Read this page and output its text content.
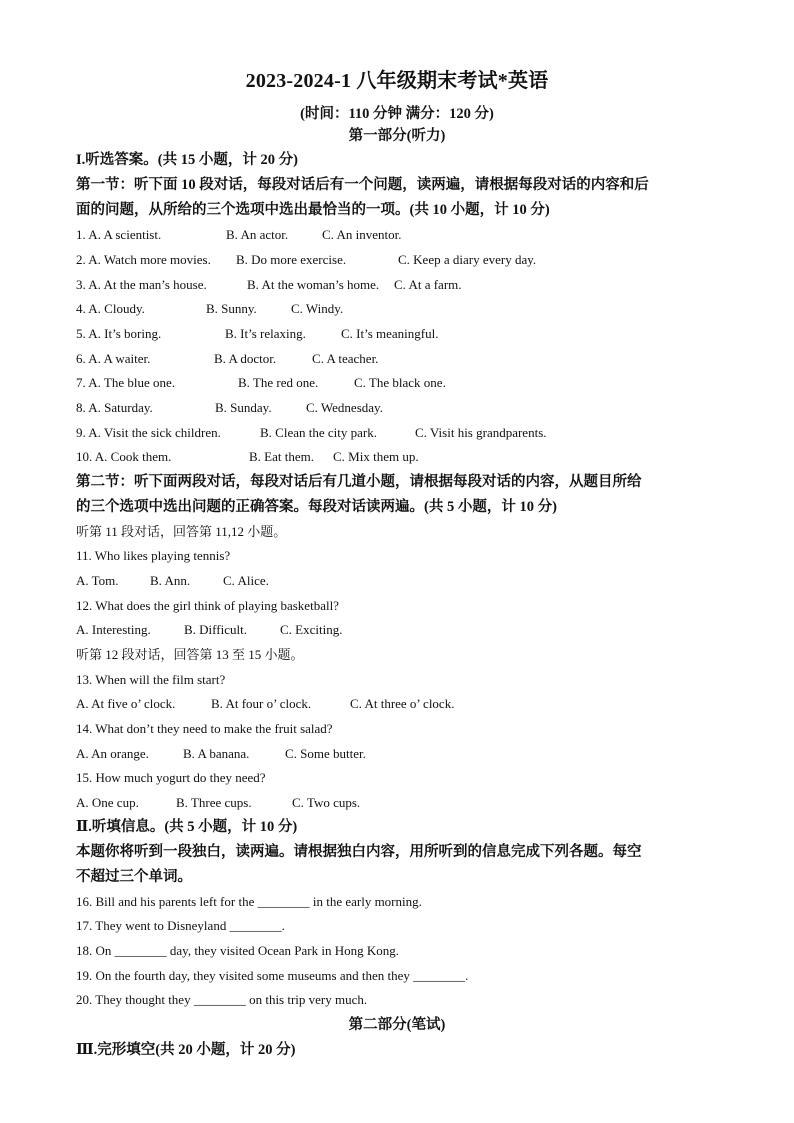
2023-2024-1 八年级期末考试*英语
(时间：110 分钟 满分：120 分)
第一部分(听力)
I.听选答案。(共 15 小题，计 20 分)
第一节：听下面 10 段对话，每段对话后有一个问题，读两遍，请根据每段对话的内容和后
面的问题，从所给的三个选项中选出最恰当的一项。(共 10 小题，计 10 分)
1. A. A scientist.	B. An actor.	C. An inventor.
2. A. Watch more movies. B. Do more exercise.	C. Keep a diary every day.
3. A. At the man’s house.	B. At the woman’s home. C. At a farm.
4. A. Cloudy.	B. Sunny.	C. Windy.
5. A. It’s boring.	B. It’s relaxing.	C. It’s meaningful.
6. A. A waiter.	B. A doctor.	C. A teacher.
7. A. The blue one.	B. The red one.	C. The black one.
8. A. Saturday.	B. Sunday.	C. Wednesday.
9. A. Visit the sick children.	B. Clean the city park.	C. Visit his grandparents.
10. A. Cook them.	B. Eat them. C. Mix them up.
第二节：听下面两段对话，每段对话后有几道小题，请根据每段对话的内容，从题目所给
的三个选项中选出问题的正确答案。每段对话读两遍。(共 5 小题，计 10 分)
听第 11 段对话，回答第 11,12 小题。
11. Who likes playing tennis?
A. Tom. B. Ann.	C. Alice.
12. What does the girl think of playing basketball?
A. Interesting.	B. Difficult.	C. Exciting.
听第 12 段对话，回答第 13 至 15 小题。
13. When will the film start?
A. At five o’ clock.	B. At four o’ clock.	C. At three o’ clock.
14. What don’t they need to make the fruit salad?
A. An orange.	B. A banana.	C. Some butter.
15. How much yogurt do they need?
A. One cup.	B. Three cups.	C. Two cups.
Ⅱ.听填信息。(共 5 小题，计 10 分)
本题你将听到一段独白，读两遍。请根据独白内容，用所听到的信息完成下列各题。每空
不超过三个单词。
16. Bill and his parents left for the ________ in the early morning.
17. They went to Disneyland ________.
18. On ________ day, they visited Ocean Park in Hong Kong.
19. On the fourth day, they visited some museums and then they ________.
20. They thought they ________ on this trip very much.
第二部分(笔试)
Ⅲ.完形填空(共 20 小题，计 20 分)
